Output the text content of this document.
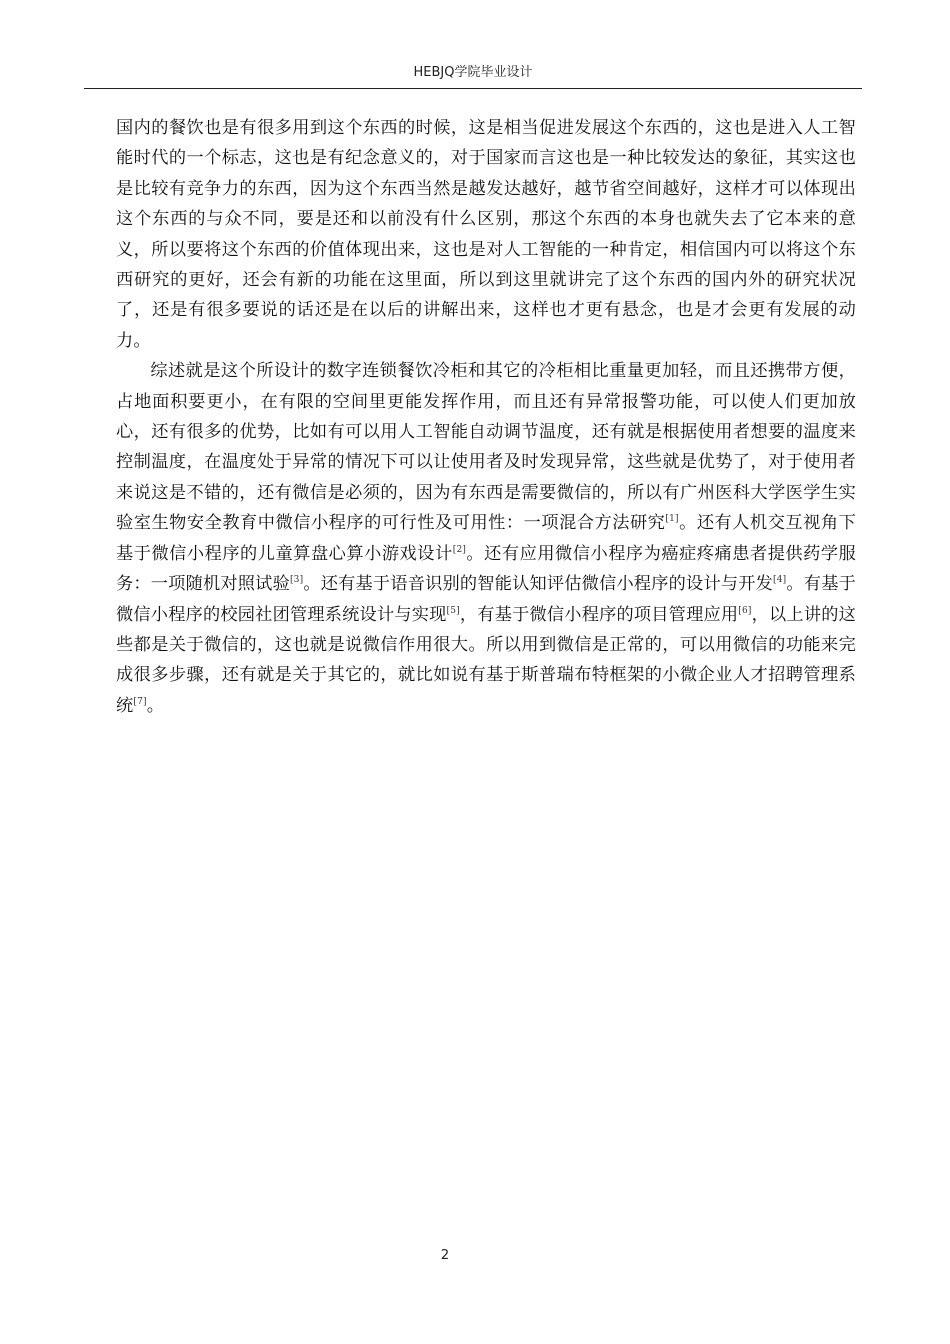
HEBJQ学院毕业设计

国内的餐饮也是有很多用到这个东西的时候，这是相当促进发展这个东西的，这也是进入人工智能时代的一个标志，这也是有纪念意义的，对于国家而言这也是一种比较发达的象征，其实这也是比较有竞争力的东西，因为这个东西当然是越发达越好，越节省空间越好，这样才可以体现出这个东西的与众不同，要是还和以前没有什么区别，那这个东西的本身也就失去了它本来的意义，所以要将这个东西的价值体现出来，这也是对人工智能的一种肯定，相信国内可以将这个东西研究的更好，还会有新的功能在这里面，所以到这里就讲完了这个东西的国内外的研究状况了，还是有很多要说的话还是在以后的讲解出来，这样也才更有悬念，也是才会更有发展的动力。

综述就是这个所设计的数字连锁餐饮冷柜和其它的冷柜相比重量更加轻，而且还携带方便，占地面积要更小，在有限的空间里更能发挥作用，而且还有异常报警功能，可以使人们更加放心，还有很多的优势，比如有可以用人工智能自动调节温度，还有就是根据使用者想要的温度来控制温度，在温度处于异常的情况下可以让使用者及时发现异常，这些就是优势了，对于使用者来说这是不错的，还有微信是必须的，因为有东西是需要微信的，所以有广州医科大学医学生实验室生物安全教育中微信小程序的可行性及可用性：一项混合方法研究[1]。还有人机交互视角下基于微信小程序的儿童算盘心算小游戏设计[2]。还有应用微信小程序为癌症疼痛患者提供药学服务：一项随机对照试验[3]。还有基于语音识别的智能认知评估微信小程序的设计与开发[4]。有基于微信小程序的校园社团管理系统设计与实现[5]，有基于微信小程序的项目管理应用[6]，以上讲的这些都是关于微信的，这也就是说微信作用很大。所以用到微信是正常的，可以用微信的功能来完成很多步骤，还有就是关于其它的，就比如说有基于斯普瑞布特框架的小微企业人才招聘管理系统[7]。

2
